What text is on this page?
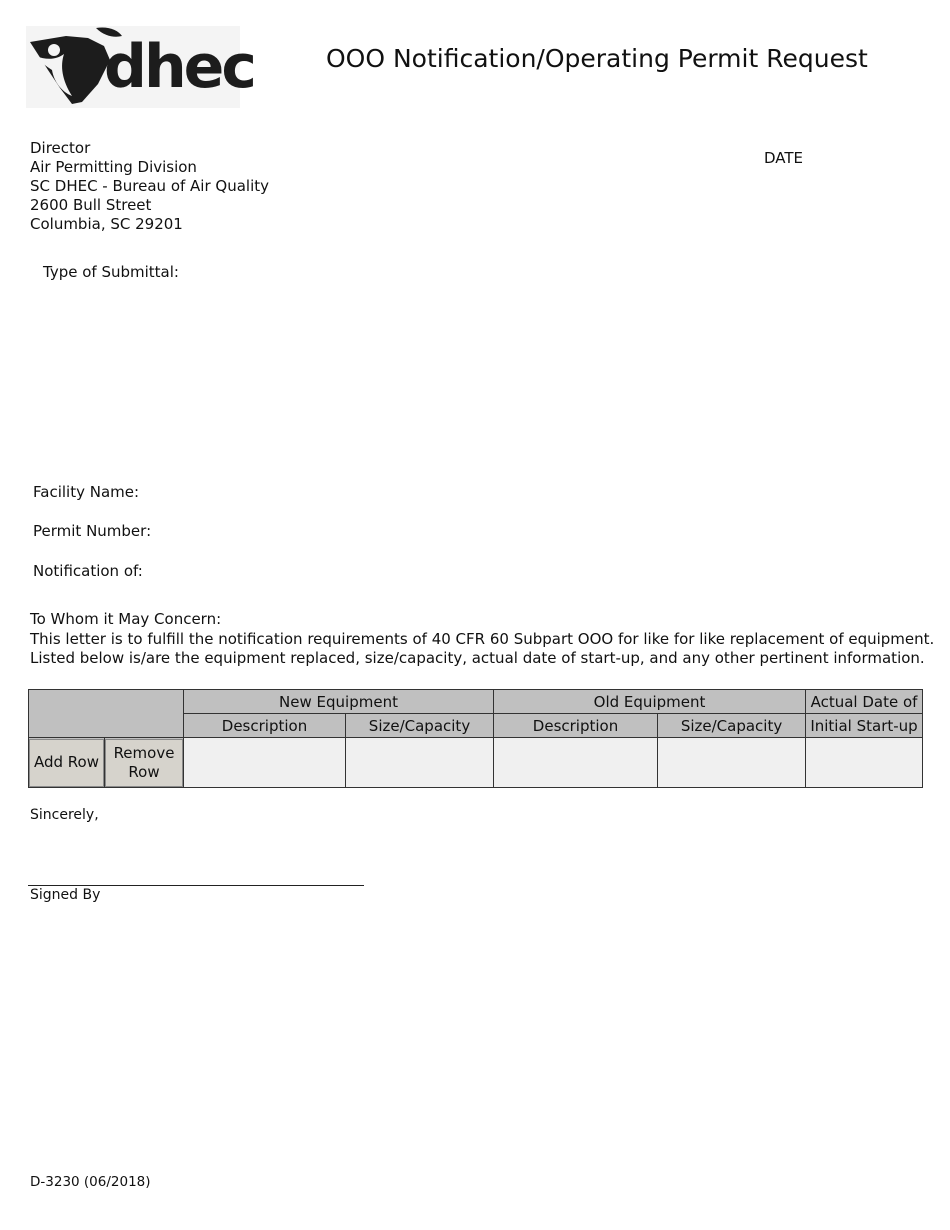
dhec	OOO Notification/Operating Permit Request
Director
Air Permitting Division
SC DHEC - Bureau of Air Quality
2600 Bull Street
Columbia, SC 29201
DATE
Type of Submittal:
Facility Name:
Permit Number:
Notification of:
To Whom it May Concern:
This letter is to fulfill the notification requirements of 40 CFR 60 Subpart OOO for like for like replacement of equipment.
Listed below is/are the equipment replaced, size/capacity, actual date of start-up, and any other pertinent information.
		New Equipment		Old Equipment		Actual Date of
		Description	Size/Capacity	Description	Size/Capacity	Initial Start-up

Add Row	Remove
Row					

Sincerely,
Signed By
D-3230 (06/2018)
